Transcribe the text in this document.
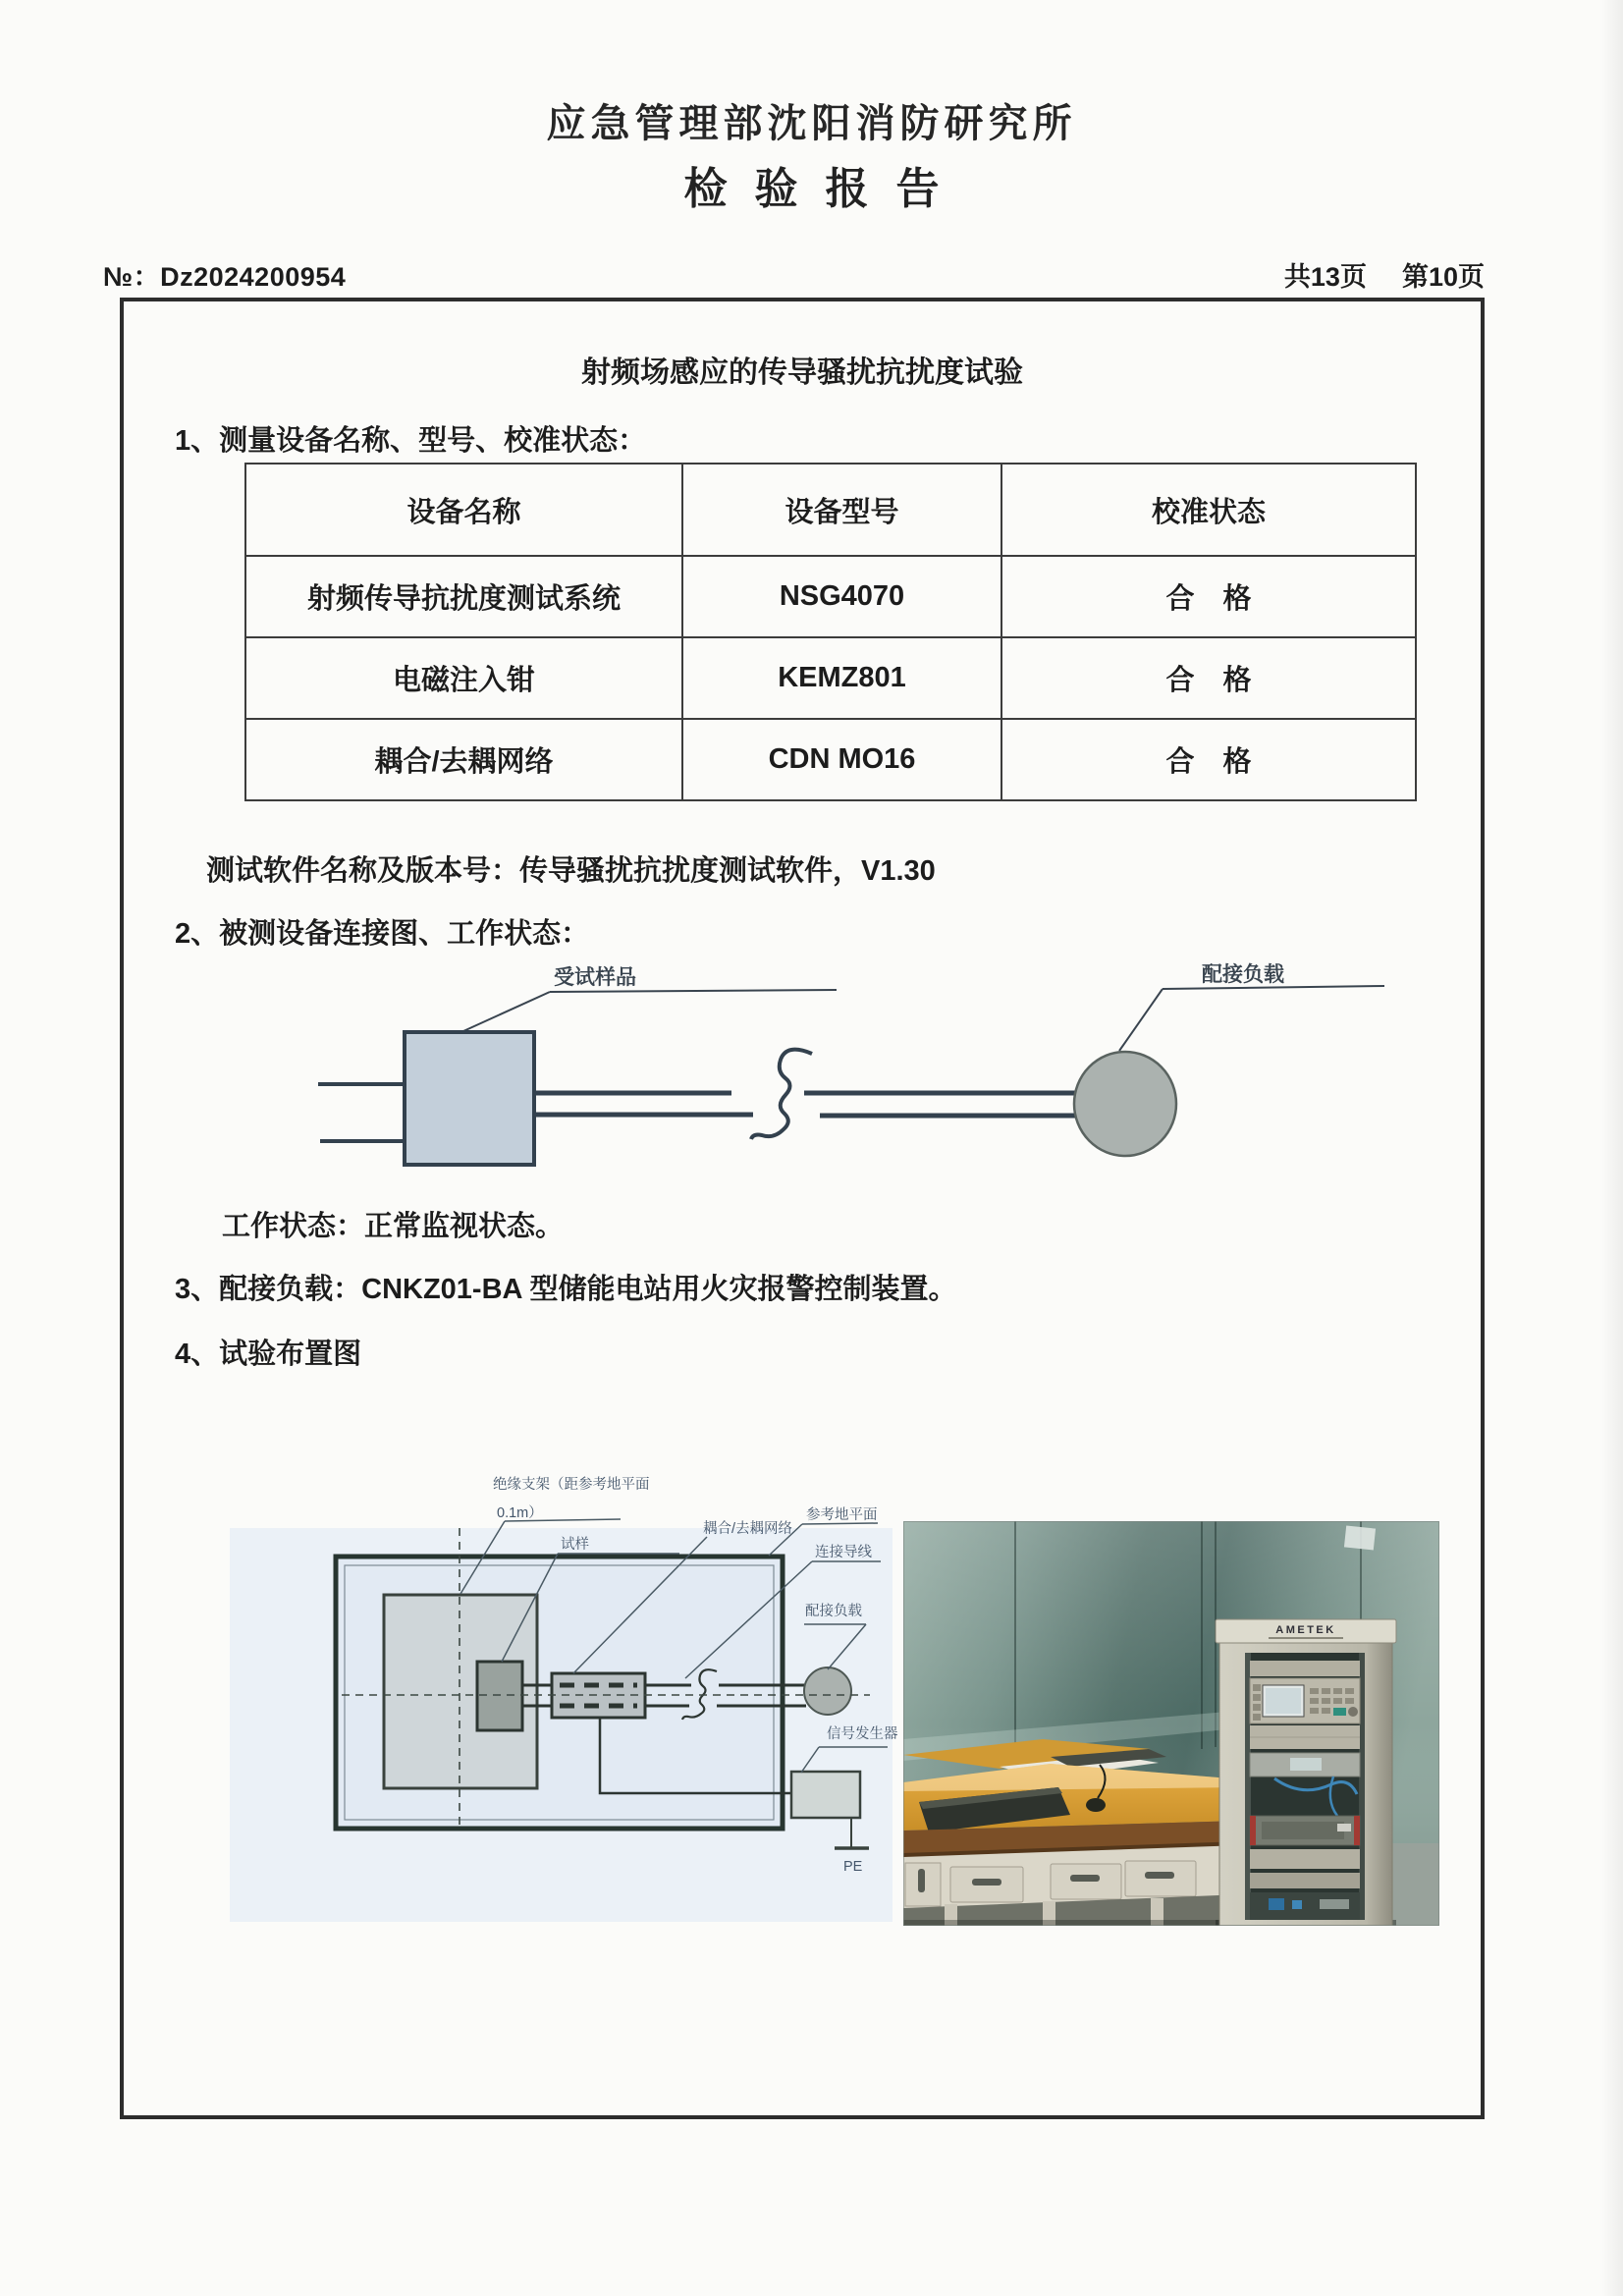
应急管理部沈阳消防研究所
检验报告
№：Dz2024200954	共13页 第10页
射频场感应的传导骚扰抗扰度试验
1、测量设备名称、型号、校准状态：
设备名称	设备型号	校准状态
射频传导抗扰度测试系统	NSG4070	合　格
电磁注入钳	KEMZ801	合　格
耦合/去耦网络	CDN MO16	合　格
测试软件名称及版本号：传导骚扰抗扰度测试软件，V1.30
2、被测设备连接图、工作状态：
受试样品	配接负载
工作状态：正常监视状态。
3、配接负载：CNKZ01-BA 型储能电站用火灾报警控制装置。
4、试验布置图
绝缘支架（距参考地平面
0.1m）
试样
耦合/去耦网络
参考地平面
连接导线
配接负载
信号发生器
PE
AMETEK
